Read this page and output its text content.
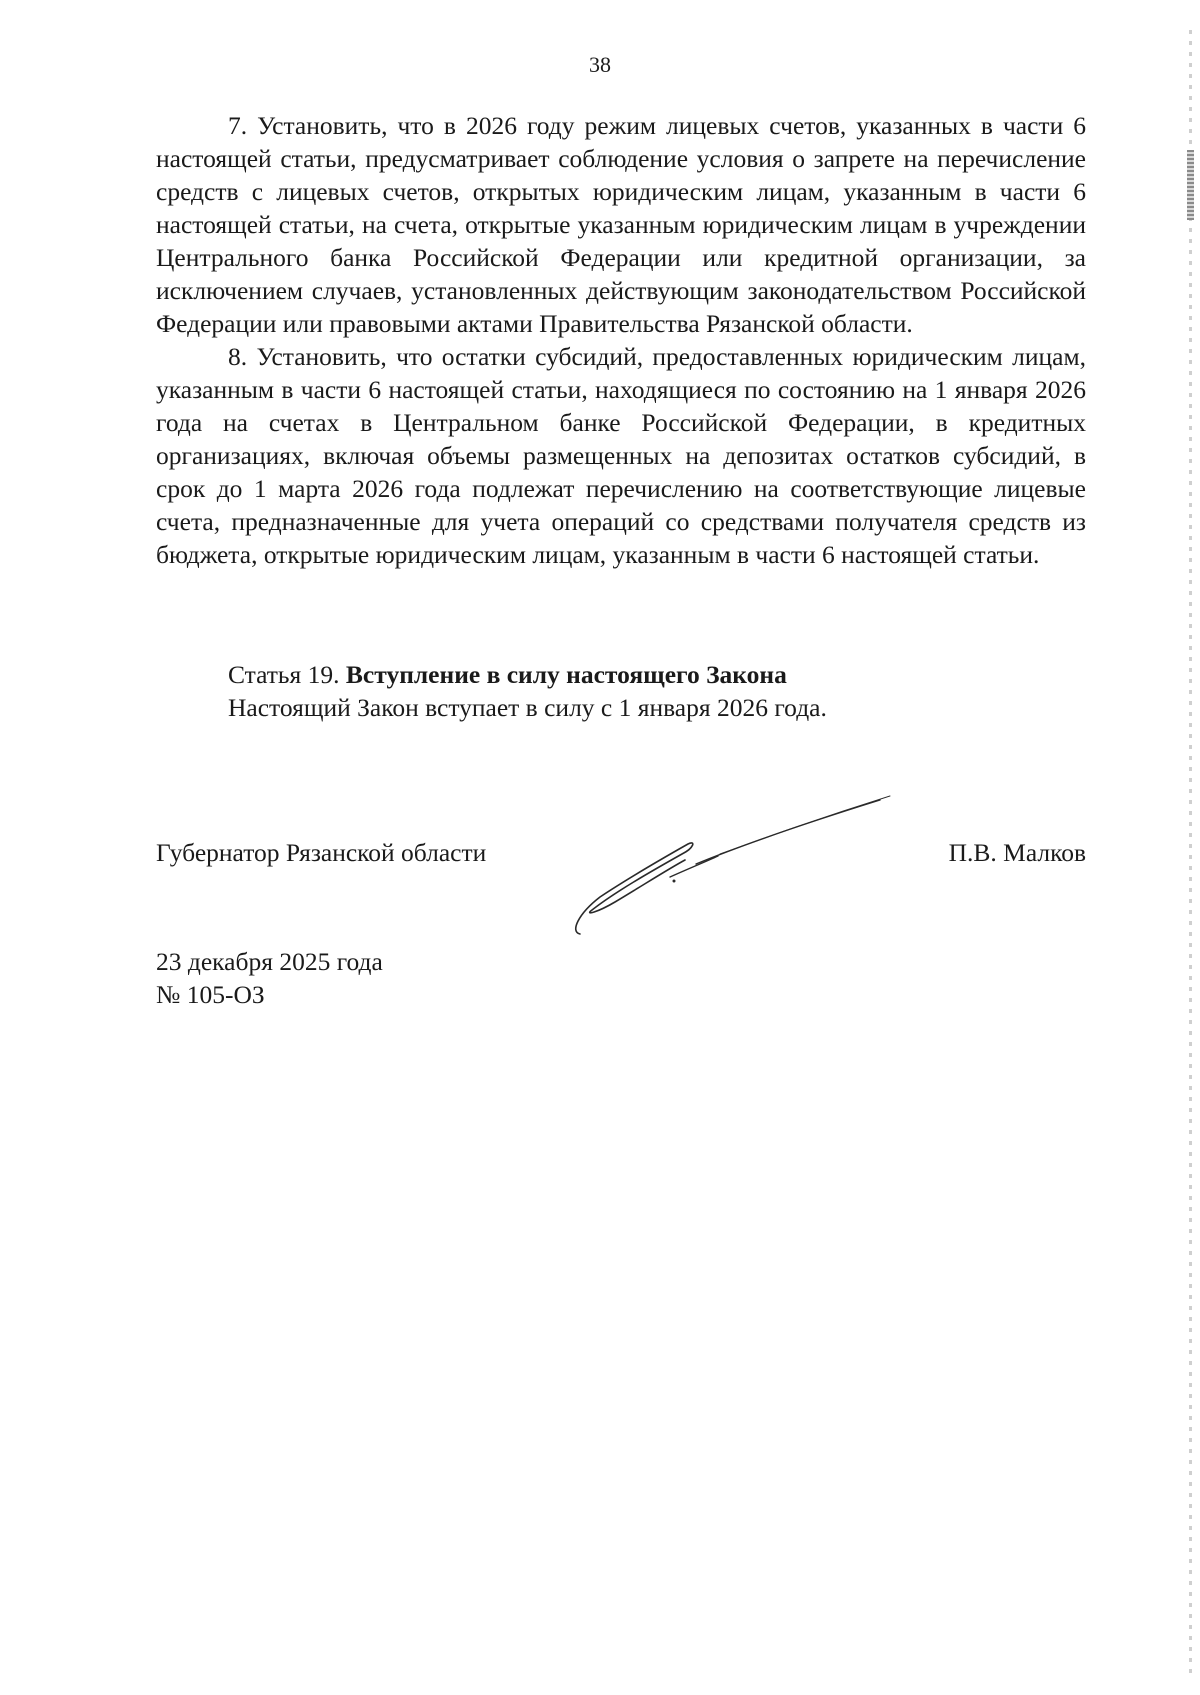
38

7. Установить, что в 2026 году режим лицевых счетов, указанных в части 6 настоящей статьи, предусматривает соблюдение условия о запрете на перечисление средств с лицевых счетов, открытых юридическим лицам, указанным в части 6 настоящей статьи, на счета, открытые указанным юридическим лицам в учреждении Центрального банка Российской Федерации или кредитной организации, за исключением случаев, установленных действующим законодательством Российской Федерации или правовыми актами Правительства Рязанской области.

8. Установить, что остатки субсидий, предоставленных юридическим лицам, указанным в части 6 настоящей статьи, находящиеся по состоянию на 1 января 2026 года на счетах в Центральном банке Российской Федерации, в кредитных организациях, включая объемы размещенных на депозитах остатков субсидий, в срок до 1 марта 2026 года подлежат перечислению на соответствующие лицевые счета, предназначенные для учета операций со средствами получателя средств из бюджета, открытые юридическим лицам, указанным в части 6 настоящей статьи.

Статья 19. Вступление в силу настоящего Закона

Настоящий Закон вступает в силу с 1 января 2026 года.

Губернатор Рязанской области	П.В. Малков
23 декабря 2025 года
№ 105-ОЗ
